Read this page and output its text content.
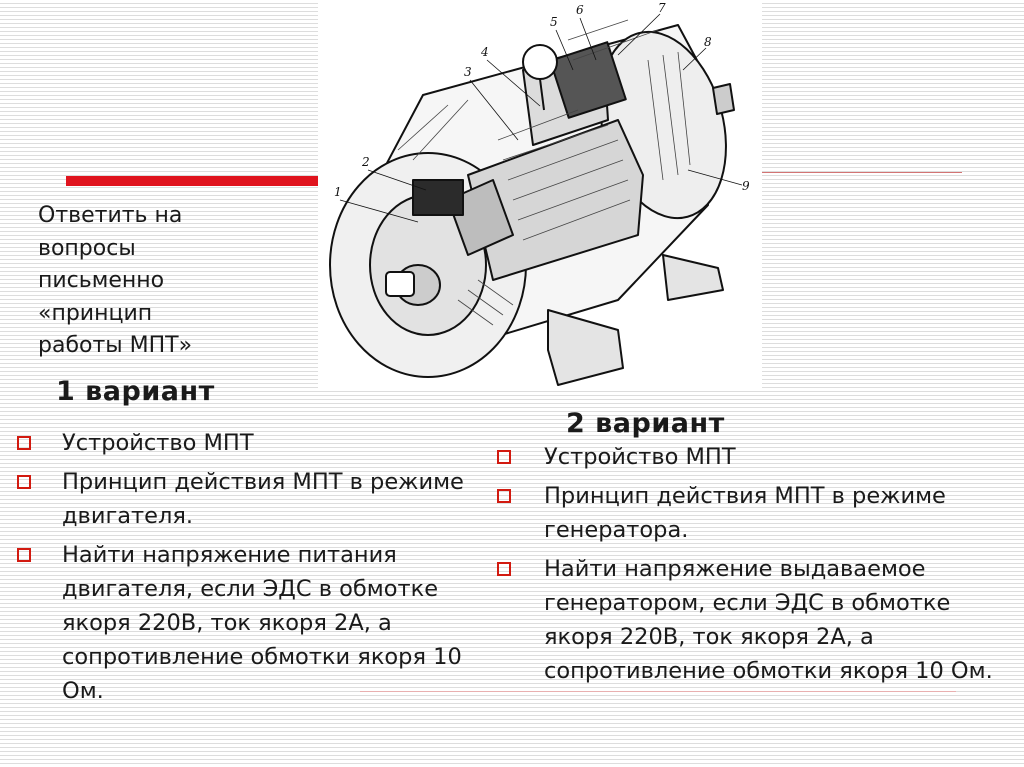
1
2
3
4
5
6	7
8
9

Ответить на
вопросы
письменно
«принцип
работы МПТ»

1 вариант
Устройство МПТ
Принцип действия МПТ в режиме двигателя.
Найти напряжение питания двигателя, если ЭДС в обмотке якоря 220В, ток якоря 2А, а сопротивление обмотки якоря 10 Ом.
2 вариант
Устройство МПТ
Принцип действия МПТ в режиме генератора.
Найти напряжение выдаваемое генератором, если ЭДС в обмотке якоря 220В, ток якоря 2А, а сопротивление обмотки якоря 10 Ом.
